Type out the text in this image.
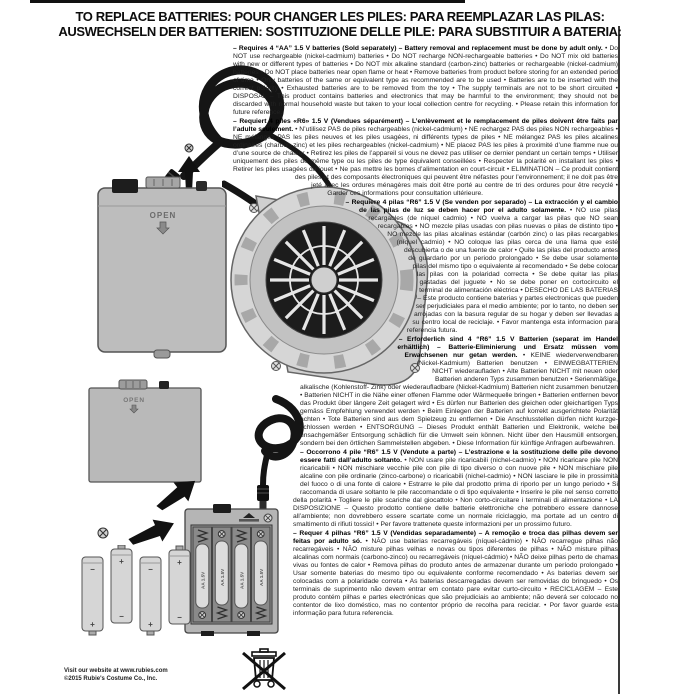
TO REPLACE BATTERIES: POUR CHANGER LES PILES: PARA REEMPLAZAR LAS PILAS:
AUSWECHSELN DER BATTERIEN: SOSTITUZIONE DELLE PILE: PARA SUBSTITUIR A BATERIA:
OPEN
OPEN
AA 1.5V	AA 1.5V	AA 1.5V	AA 1.5V
−
+
+
−
−
+
+
−

– Requires 4 “AA” 1.5 V batteries (Sold separately) – Battery removal and replacement must be done by adult only. • Do NOT use rechargeable (nickel-cadmium) batteries • Do NOT recharge NON-rechargeable batteries • Do NOT mix old batteries with new or different types of batteries • Do NOT mix alkaline standard (carbon-zinc) batteries or rechargeable (nickel-cadmium) batteries • Do NOT place batteries near open flame or heat • Remove batteries from product before storing for an extended period of time • Only batteries of the same or equivalent type as recommended are to be used • Batteries are to be inserted with the correct polarity • Exhausted batteries are to be removed from the toy • The supply terminals are not to be short circuited • DISPOSAL – This product contains batteries and electronics that may be harmful to the environment; they should not be discarded with normal household waste but taken to your local collection centre for recycling. • Please retain this information for future reference.

– Requiert 4 piles «R6» 1.5 V (Vendues séparément) – L’enlèvement et le remplacement de piles doivent être faits par l’adulte seulement. • N’utilisez PAS de piles rechargeables (nickel-cadmium) • NE rechargez PAS des piles NON rechargeables • NE mélangez PAS les piles neuves et les piles usagées, ni différents types de piles • NE mélangez PAS les piles alcalines ordinaires (charbon-zinc) et les piles rechargeables (nickel-cadmium) • NE placez PAS les piles à proximité d’une flamme nue ou d’une source de chaleur • Retirez les piles de l’appareil si vous ne devez pas utiliser ce dernier pendant un certain temps • Utiliser uniquement des piles de même type ou les piles de type équivalent conseillées • Respecter la polarité en installant les piles • Retirer les piles usagées du jouet • Ne pas mettre les bornes d’alimentation en court-circuit • ELIMINATION – Ce produit contient des piles et des composants électroniques qui peuvent être néfastes pour l’environnement; il ne doit pas être jeté avec les ordures ménagères mais doit être porté au centre de tri des ordures pour être recyclé • Garder ces informations pour consultation ultérieure.

– Requiere 4 pilas “R6” 1.5 V (Se venden por separado) – La extracción y el cambio de las pilas de luz se deben hacer por el adulto solamente. • NO use pilas recargables (de níquel cadmio) • NO vuelva a cargar las pilas que NO sean recargables • NO mezcle pilas usadas con pilas nuevas o pilas de distinto tipo • NO mezcle las pilas alcalinas estándar (carbón zinc) o las pilas recargables (níquel cadmio) • NO coloque las pilas cerca de una llama que esté descubierta o de una fuente de calor • Quite las pilas del producto antes de guardarlo por un periodo prolongado • Se debe usar solamente pilas del mismo tipo o equivalente al recomendado • Se debe colocar las pilas con la polaridad correcta • Se debe quitar las pilas gastadas del juguete • No se debe poner en cortocircuito el terminal de alimentación eléctrica • DESECHO DE LAS BATERIAS – Este producto contiene baterias y partes electronicas que pueden ser perjudiciales para el medio ambiente; por lo tanto, no deben ser arrojadas con la basura regular de su hogar y deben ser llevadas a su centro local de reciclaje. • Favor mantenga esta informacion para referencia futura.

– Erforderlich sind 4 “R6” 1.5 V Batterien (separat im Handel erhältlich) – Batterie-Eliminierung und Ersatz müssen vom Erwachsenen nur getan werden. • KEINE wiederverwendbaren (Nickel-Kadmium) Batterien benutzen • EINWEGBATTERIEN NICHT wiederaufladen • Alte Batterien NICHT mit neuen oder Batterien anderen Typs zusammen benutzen • Serienmäßige, alkalische (Kohlenstoff- Zink) oder wiederaufladbare (Nickel-Kadmium) Batterien nicht zusammen benutzen • Batterien NICHT in die Nähe einer offenen Flamme oder Wärmequelle bringen • Batterien entfernen bevor das Produkt über längere Zeit gelagert wird • Es dürfen nur Batterien des gleichen oder gleichartigen Typs gemäss Empfehlung verwendet werden • Beim Einlegen der Batterien auf korrekt ausgerichtete Polarität achten • Tote Batterien sind aus dem Spielzeug zu entfernen • Die Anschlusstellen dürfen nicht kurzge-schlossen werden • ENTSORGUNG – Dieses Produkt enthält Batterien und Elektronik, welche bei unsachgemäßer Entsorgung schädlich für die Umwelt sein können. Nicht über den Hausmüll entsorgen, sondern bei den örtlichen Sammelstellen abgeben. • Diese Information für künftige Anfragen aufbewahren.

– Occorrono 4 pile “R6” 1.5 V (Vendute a parte) – L’estrazione e la sostituzione delle pile devono essere fatti dall’adulto soltanto. • NON usare pile ricaricabili (nichel-cadmio) • NON ricaricare pile NON ricaricabili • NON mischiare vecchie pile con pile di tipo diverso o con nuove pile • NON mischiare pile alcaline con pile ordinarie (zinco-carbone) o ricaricabili (nichel-cadmio) • NON lasciare le pile in prossimità del fuoco o di una fonte di calore • Estrarre le pile dal prodotto prima di riporlo per un lungo periodo • Si raccomanda di usare soltanto le pile raccomandate o di tipo equivalente • Inserire le pile nel senso corretto della polarità • Togliere le pile scariche dal giocattolo • Non corto-circuitare i terminali di alimentazione • LA DISPOSIZIONE – Questo prodotto contiene delle batterie elettroniche che potrebbero essere dannose all’ambiente; non dovrebbero essere scartate come un normale riciclaggio, ma portate ad un centro di smaltimento di rifiuti tossici! • Per favore trattenete queste informazioni per un prossimo futuro.

– Requer 4 pilhas “R6” 1.5 V (Vendidas separadamente) – A remoção e troca das pilhas devem ser feitas por adulto só. • NÃO use baterias recarregáveis (níquel-cádmio) • NÃO recarregue pilhas não recarregáveis • NÃO misture pilhas velhas e novas ou tipos diferentes de pilhas • NÃO misture pilhas alcalinas com normais (carbono-zinco) ou recarregáveis (níquel-cádmio) • NÃO deixe pilhas perto de chamas vivas ou fontes de calor • Remova pilhas do produto antes de armazenar durante um período prolongado • Usar somente baterias do mesmo tipo ou equivalente conforme recomendado • As baterias devem ser colocadas com a polaridade correta • As baterias descarregadas devem ser removidas do brinquedo • Os terminais de suprimento não devem entrar em contato pare evitar curto-circuito • RECICLAGEM – Este produto contém pilhas e partes electrónicas que são prejudiciais ao ambiente; não deverá ser colocado no contentor de lixo doméstico, mas no contentor próprio de recolha para reciclar. • Por favor guarde esta informação para futura referencia.

Visit our website at www.rubies.com
©2015 Rubie's Costume Co., Inc.
